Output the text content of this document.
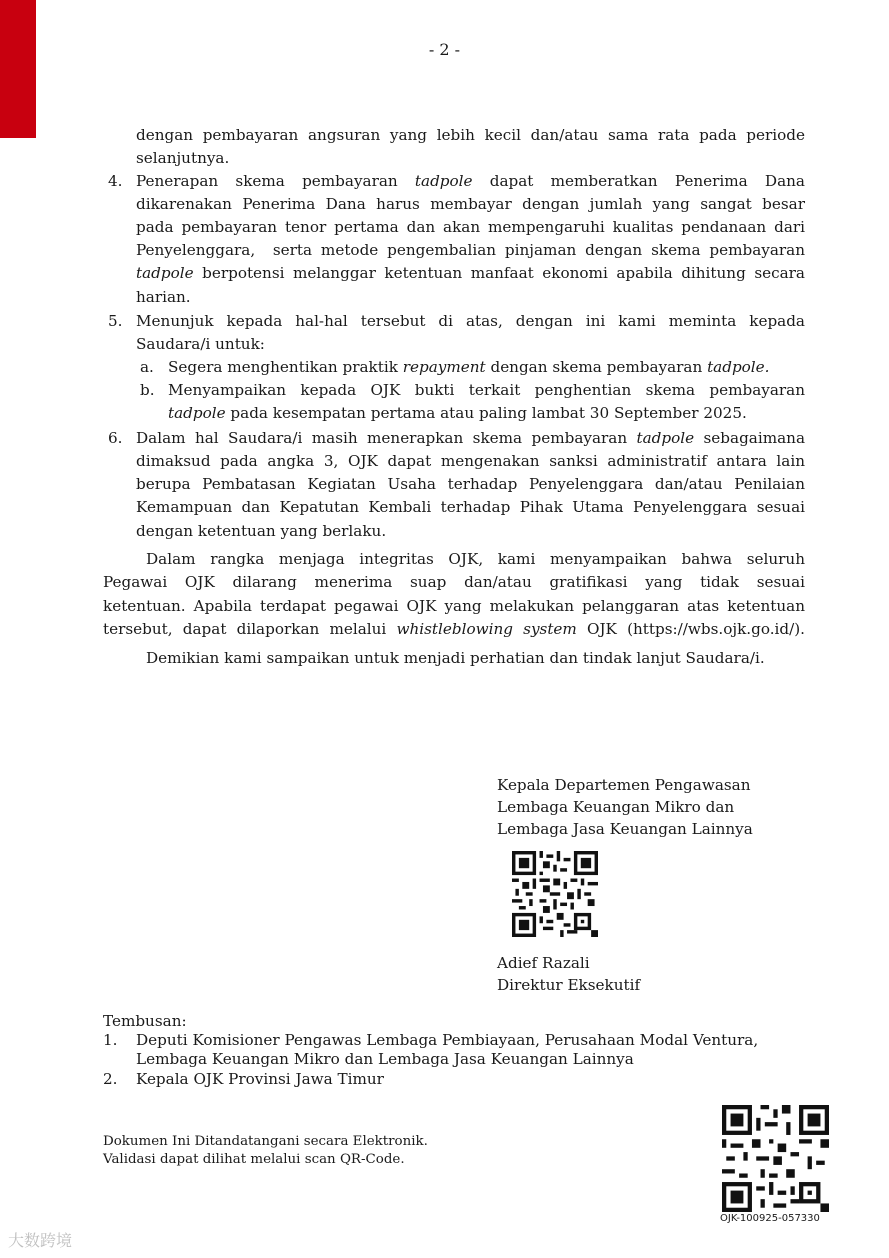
- 2 -
dengan pembayaran angsuran yang lebih kecil dan/atau sama rata pada periode
selanjutnya.
4. Penerapan skema pembayaran tadpole dapat memberatkan Penerima Dana
dikarenakan Penerima Dana harus membayar dengan jumlah yang sangat besar
pada pembayaran tenor pertama dan akan mempengaruhi kualitas pendanaan dari
Penyelenggara,  serta metode pengembalian pinjaman dengan skema pembayaran
tadpole berpotensi melanggar ketentuan manfaat ekonomi apabila dihitung secara
harian.
5. Menunjuk kepada hal-hal tersebut di atas, dengan ini kami meminta kepada
Saudara/i untuk:
a. Segera menghentikan praktik repayment dengan skema pembayaran tadpole.
b. Menyampaikan kepada OJK bukti terkait penghentian skema pembayaran
tadpole pada kesempatan pertama atau paling lambat 30 September 2025.
6. Dalam hal Saudara/i masih menerapkan skema pembayaran tadpole sebagaimana
dimaksud pada angka 3, OJK dapat mengenakan sanksi administratif antara lain
berupa Pembatasan Kegiatan Usaha terhadap Penyelenggara dan/atau Penilaian
Kemampuan dan Kepatutan Kembali terhadap Pihak Utama Penyelenggara sesuai
dengan ketentuan yang berlaku.
Dalam rangka menjaga integritas OJK, kami menyampaikan bahwa seluruh
Pegawai OJK dilarang menerima suap dan/atau gratifikasi yang tidak sesuai
ketentuan. Apabila terdapat pegawai OJK yang melakukan pelanggaran atas ketentuan
tersebut, dapat dilaporkan melalui whistleblowing system OJK (https://wbs.ojk.go.id/).
Demikian kami sampaikan untuk menjadi perhatian dan tindak lanjut Saudara/i.
Kepala Departemen Pengawasan
Lembaga Keuangan Mikro dan
Lembaga Jasa Keuangan Lainnya
Adief Razali
Direktur Eksekutif
Tembusan:
1. Deputi Komisioner Pengawas Lembaga Pembiayaan, Perusahaan Modal Ventura,
Lembaga Keuangan Mikro dan Lembaga Jasa Keuangan Lainnya
2. Kepala OJK Provinsi Jawa Timur
Dokumen Ini Ditandatangani secara Elektronik.
Validasi dapat dilihat melalui scan QR-Code.
OJK-100925-057330
大数跨境
